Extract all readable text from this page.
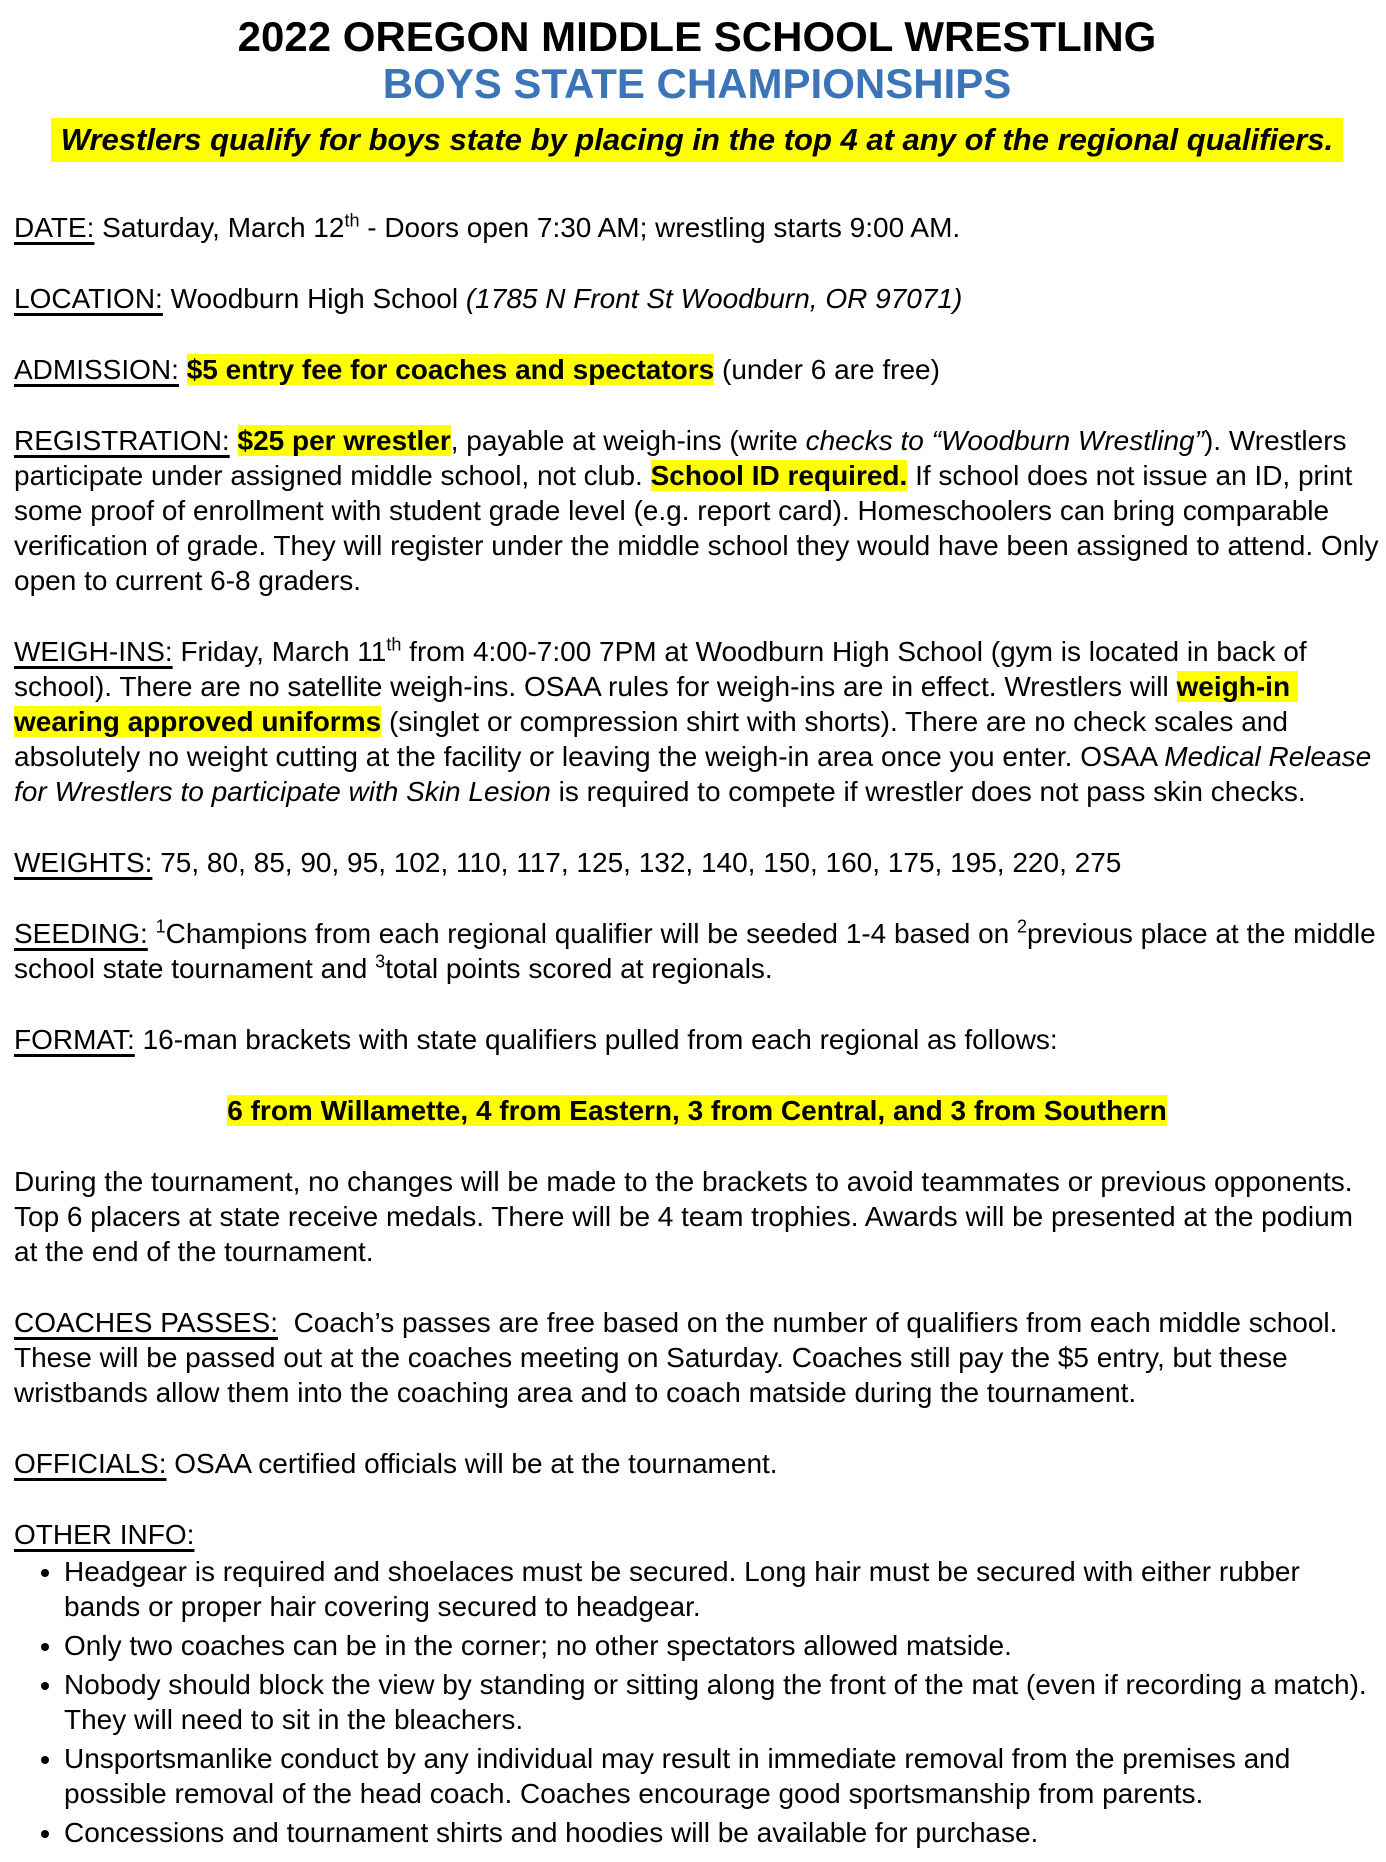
2022 OREGON MIDDLE SCHOOL WRESTLING
BOYS STATE CHAMPIONSHIPS
Wrestlers qualify for boys state by placing in the top 4 at any of the regional qualifiers.

DATE: Saturday, March 12th - Doors open 7:30 AM; wrestling starts 9:00 AM.

LOCATION: Woodburn High School (1785 N Front St Woodburn, OR 97071)

ADMISSION: $5 entry fee for coaches and spectators (under 6 are free)

REGISTRATION: $25 per wrestler, payable at weigh-ins (write checks to “Woodburn Wrestling”). Wrestlers participate under assigned middle school, not club. School ID required. If school does not issue an ID, print some proof of enrollment with student grade level (e.g. report card). Homeschoolers can bring comparable verification of grade. They will register under the middle school they would have been assigned to attend. Only open to current 6-8 graders.

WEIGH-INS: Friday, March 11th from 4:00-7:00 7PM at Woodburn High School (gym is located in back of school). There are no satellite weigh-ins. OSAA rules for weigh-ins are in effect. Wrestlers will weigh-in wearing approved uniforms (singlet or compression shirt with shorts). There are no check scales and absolutely no weight cutting at the facility or leaving the weigh-in area once you enter. OSAA Medical Release for Wrestlers to participate with Skin Lesion is required to compete if wrestler does not pass skin checks.

WEIGHTS: 75, 80, 85, 90, 95, 102, 110, 117, 125, 132, 140, 150, 160, 175, 195, 220, 275

SEEDING: $^1$Champions from each regional qualifier will be seeded 1-4 based on $^2$previous place at the middle school state tournament and $^3$total points scored at regionals.

FORMAT: 16-man brackets with state qualifiers pulled from each regional as follows:

6 from Willamette, 4 from Eastern, 3 from Central, and 3 from Southern

During the tournament, no changes will be made to the brackets to avoid teammates or previous opponents. Top 6 placers at state receive medals. There will be 4 team trophies. Awards will be presented at the podium at the end of the tournament.

COACHES PASSES:  Coach’s passes are free based on the number of qualifiers from each middle school. These will be passed out at the coaches meeting on Saturday. Coaches still pay the $5 entry, but these wristbands allow them into the coaching area and to coach matside during the tournament.

OFFICIALS: OSAA certified officials will be at the tournament.

OTHER INFO:

• Headgear is required and shoelaces must be secured. Long hair must be secured with either rubber bands or proper hair covering secured to headgear.
• Only two coaches can be in the corner; no other spectators allowed matside.
• Nobody should block the view by standing or sitting along the front of the mat (even if recording a match). They will need to sit in the bleachers.
• Unsportsmanlike conduct by any individual may result in immediate removal from the premises and possible removal of the head coach. Coaches encourage good sportsmanship from parents.
• Concessions and tournament shirts and hoodies will be available for purchase.
